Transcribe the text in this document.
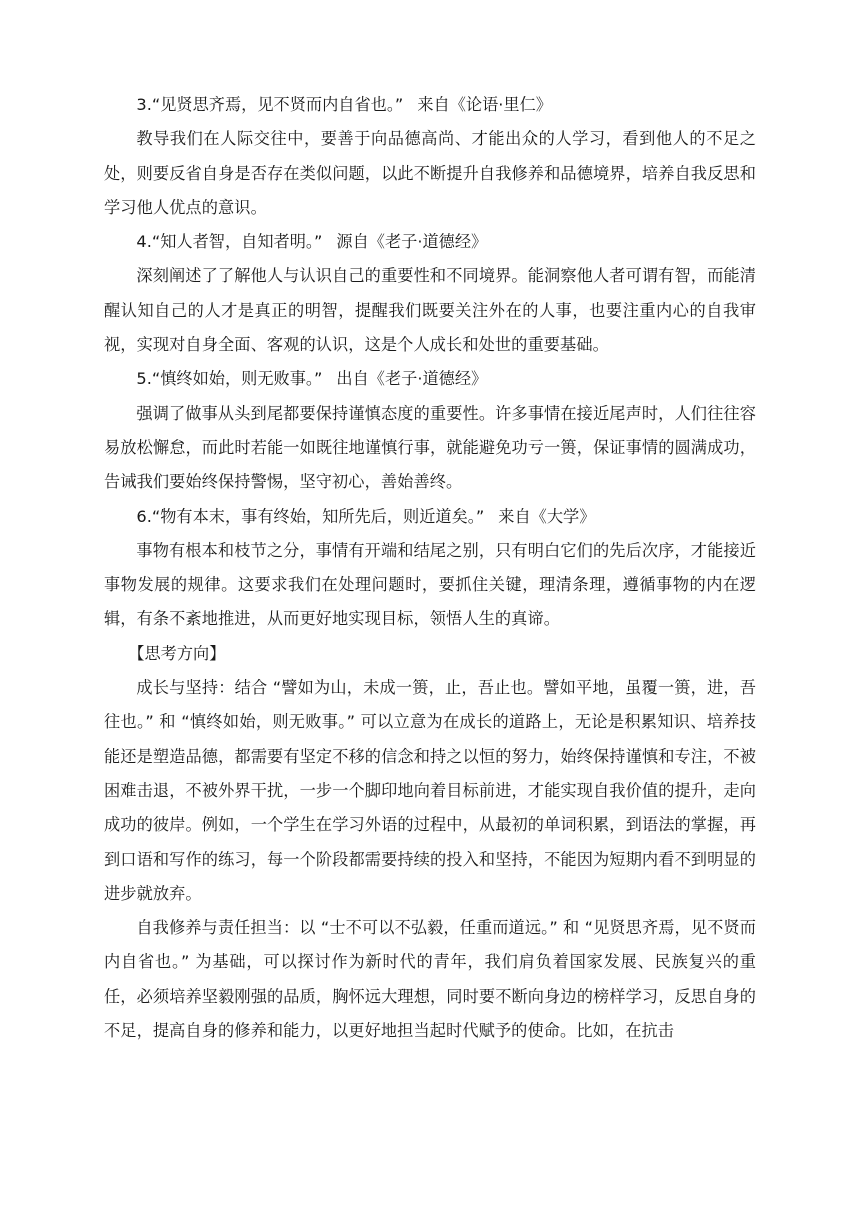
3.“见贤思齐焉，见不贤而内自省也。” 来自《论语·里仁》

教导我们在人际交往中，要善于向品德高尚、才能出众的人学习，看到他人的不足之处，则要反省自身是否存在类似问题，以此不断提升自我修养和品德境界，培养自我反思和学习他人优点的意识。

4.“知人者智，自知者明。” 源自《老子·道德经》

深刻阐述了了解他人与认识自己的重要性和不同境界。能洞察他人者可谓有智，而能清醒认知自己的人才是真正的明智，提醒我们既要关注外在的人事，也要注重内心的自我审视，实现对自身全面、客观的认识，这是个人成长和处世的重要基础。

5.“慎终如始，则无败事。” 出自《老子·道德经》

强调了做事从头到尾都要保持谨慎态度的重要性。许多事情在接近尾声时，人们往往容易放松懈怠，而此时若能一如既往地谨慎行事，就能避免功亏一篑，保证事情的圆满成功，告诫我们要始终保持警惕，坚守初心，善始善终。

6.“物有本末，事有终始，知所先后，则近道矣。” 来自《大学》

事物有根本和枝节之分，事情有开端和结尾之别，只有明白它们的先后次序，才能接近事物发展的规律。这要求我们在处理问题时，要抓住关键，理清条理，遵循事物的内在逻辑，有条不紊地推进，从而更好地实现目标，领悟人生的真谛。

【思考方向】

成长与坚持：结合 “譬如为山，未成一篑，止，吾止也。譬如平地，虽覆一篑，进，吾往也。” 和 “慎终如始，则无败事。” 可以立意为在成长的道路上，无论是积累知识、培养技能还是塑造品德，都需要有坚定不移的信念和持之以恒的努力，始终保持谨慎和专注，不被困难击退，不被外界干扰，一步一个脚印地向着目标前进，才能实现自我价值的提升，走向成功的彼岸。例如，一个学生在学习外语的过程中，从最初的单词积累，到语法的掌握，再到口语和写作的练习，每一个阶段都需要持续的投入和坚持，不能因为短期内看不到明显的进步就放弃。

自我修养与责任担当：以 “士不可以不弘毅，任重而道远。” 和 “见贤思齐焉，见不贤而内自省也。” 为基础，可以探讨作为新时代的青年，我们肩负着国家发展、民族复兴的重任，必须培养坚毅刚强的品质，胸怀远大理想，同时要不断向身边的榜样学习，反思自身的不足，提高自身的修养和能力，以更好地担当起时代赋予的使命。比如，在抗击
